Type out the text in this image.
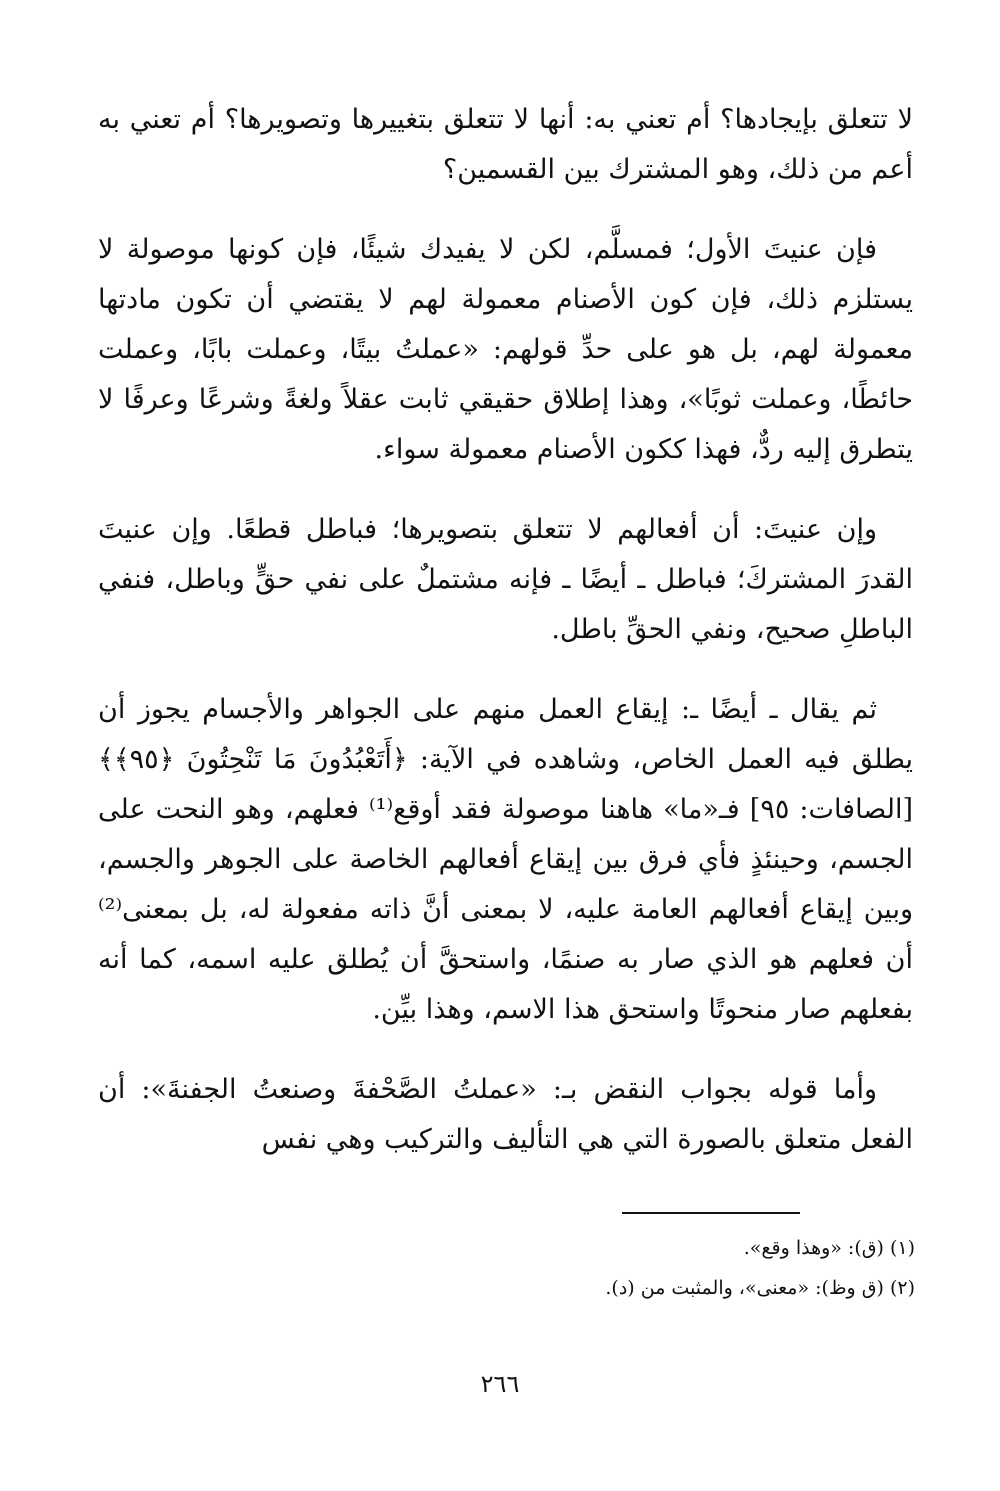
لا تتعلق بإيجادها؟ أم تعني به: أنها لا تتعلق بتغييرها وتصويرها؟ أم تعني به أعم من ذلك، وهو المشترك بين القسمين؟

فإن عنيتَ الأول؛ فمسلَّم، لكن لا يفيدك شيئًا، فإن كونها موصولة لا يستلزم ذلك، فإن كون الأصنام معمولة لهم لا يقتضي أن تكون مادتها معمولة لهم، بل هو على حدِّ قولهم: «عملتُ بيتًا، وعملت بابًا، وعملت حائطًا، وعملت ثوبًا»، وهذا إطلاق حقيقي ثابت عقلاً ولغةً وشرعًا وعرفًا لا يتطرق إليه ردٌّ، فهذا ككون الأصنام معمولة سواء.

وإن عنيتَ: أن أفعالهم لا تتعلق بتصويرها؛ فباطل قطعًا. وإن عنيتَ القدرَ المشتركَ؛ فباطل ـ أيضًا ـ فإنه مشتملٌ على نفي حقٍّ وباطل، فنفي الباطلِ صحيح، ونفي الحقِّ باطل.

ثم يقال ـ أيضًا ـ: إيقاع العمل منهم على الجواهر والأجسام يجوز أن يطلق فيه العمل الخاص، وشاهده في الآية: ﴿أَتَعْبُدُونَ مَا تَنْحِتُونَ ﴿٩٥﴾﴾ [الصافات: ٩٥] فـ«ما» هاهنا موصولة فقد أوقع⁽¹⁾ فعلهم، وهو النحت على الجسم، وحينئذٍ فأي فرق بين إيقاع أفعالهم الخاصة على الجوهر والجسم، وبين إيقاع أفعالهم العامة عليه، لا بمعنى أنَّ ذاته مفعولة له، بل بمعنى⁽²⁾ أن فعلهم هو الذي صار به صنمًا، واستحقَّ أن يُطلق عليه اسمه، كما أنه بفعلهم صار منحوتًا واستحق هذا الاسم، وهذا بيِّن.

وأما قوله بجواب النقض بـ: «عملتُ الصَّحْفةَ وصنعتُ الجفنةَ»: أن الفعل متعلق بالصورة التي هي التأليف والتركيب وهي نفس

(١) (ق): «وهذا وقع».

(٢) (ق وظ): «معنى»، والمثبت من (د).

٢٦٦
